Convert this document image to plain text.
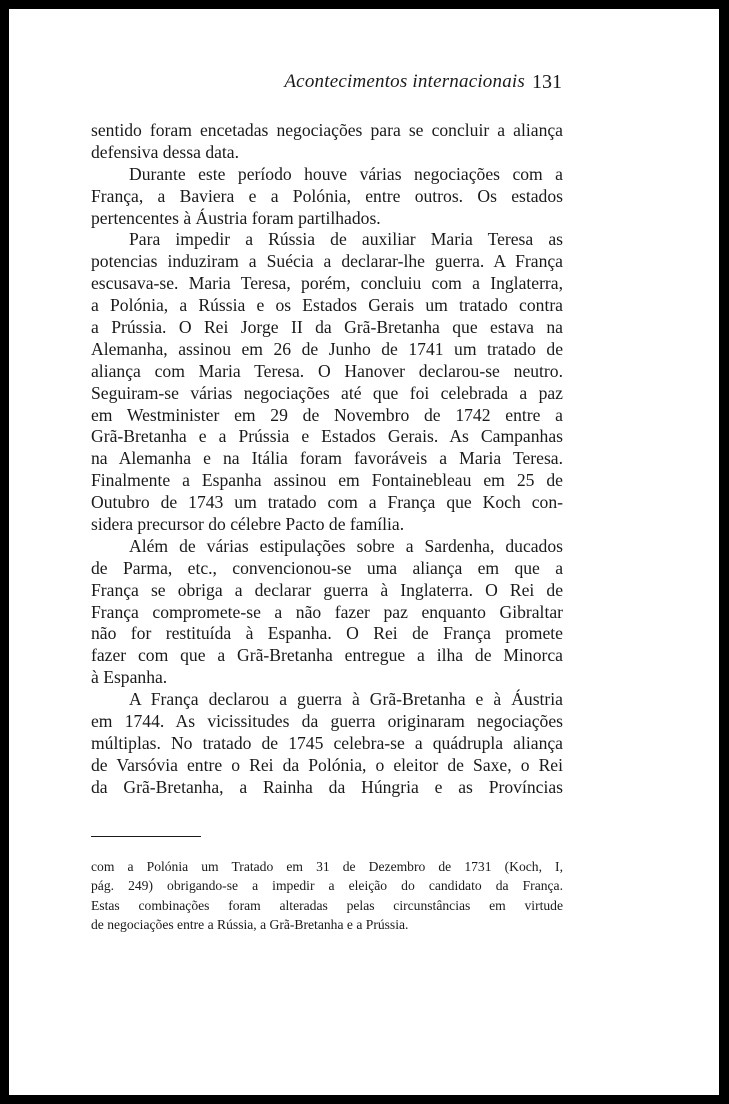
Acontecimentos internacionais 131
sentido foram encetadas negociações para se concluir a aliança
defensiva dessa data.
Durante este período houve várias negociações com a
França, a Baviera e a Polónia, entre outros. Os estados
pertencentes à Áustria foram partilhados.
Para impedir a Rússia de auxiliar Maria Teresa as
potencias induziram a Suécia a declarar-lhe guerra. A França
escusava-se. Maria Teresa, porém, concluiu com a Inglaterra,
a Polónia, a Rússia e os Estados Gerais um tratado contra
a Prússia. O Rei Jorge II da Grã-Bretanha que estava na
Alemanha, assinou em 26 de Junho de 1741 um tratado de
aliança com Maria Teresa. O Hanover declarou-se neutro.
Seguiram-se várias negociações até que foi celebrada a paz
em Westminister em 29 de Novembro de 1742 entre a
Grã-Bretanha e a Prússia e Estados Gerais. As Campanhas
na Alemanha e na Itália foram favoráveis a Maria Teresa.
Finalmente a Espanha assinou em Fontainebleau em 25 de
Outubro de 1743 um tratado com a França que Koch con-
sidera precursor do célebre Pacto de família.
Além de várias estipulações sobre a Sardenha, ducados
de Parma, etc., convencionou-se uma aliança em que a
França se obriga a declarar guerra à Inglaterra. O Rei de
França compromete-se a não fazer paz enquanto Gibraltar
não for restituída à Espanha. O Rei de França promete
fazer com que a Grã-Bretanha entregue a ilha de Minorca
à Espanha.
A França declarou a guerra à Grã-Bretanha e à Áustria
em 1744. As vicissitudes da guerra originaram negociações
múltiplas. No tratado de 1745 celebra-se a quádrupla aliança
de Varsóvia entre o Rei da Polónia, o eleitor de Saxe, o Rei
da Grã-Bretanha, a Rainha da Húngria e as Províncias
com a Polónia um Tratado em 31 de Dezembro de 1731 (Koch, I,
pág. 249) obrigando-se a impedir a eleição do candidato da França.
Estas combinações foram alteradas pelas circunstâncias em virtude
de negociações entre a Rússia, a Grã-Bretanha e a Prússia.
